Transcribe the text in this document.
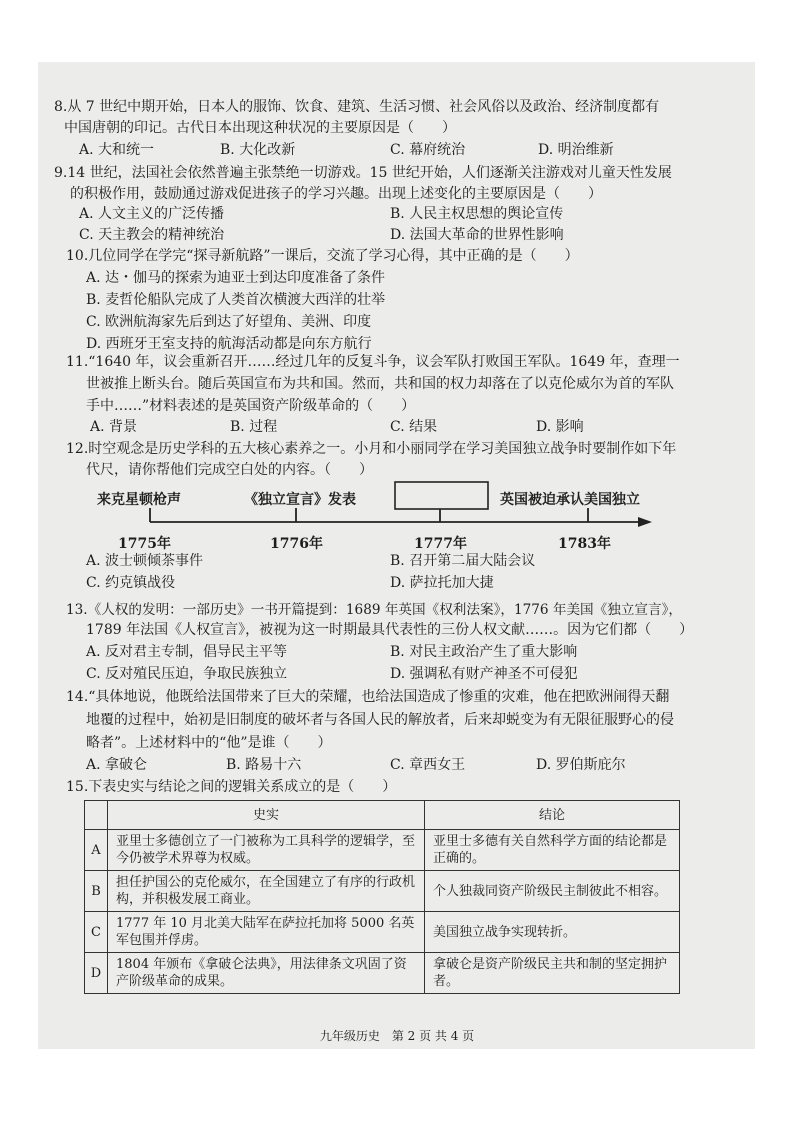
8.从 7 世纪中期开始，日本人的服饰、饮食、建筑、生活习惯、社会风俗以及政治、经济制度都有
中国唐朝的印记。古代日本出现这种状况的主要原因是（　　）
A. 大和统一	B. 大化改新	C. 幕府统治	D. 明治维新
9.14 世纪，法国社会依然普遍主张禁绝一切游戏。15 世纪开始，人们逐渐关注游戏对儿童天性发展
的积极作用，鼓励通过游戏促进孩子的学习兴趣。出现上述变化的主要原因是（　　）
A. 人文主义的广泛传播	B. 人民主权思想的舆论宣传
C. 天主教会的精神统治	D. 法国大革命的世界性影响
10.几位同学在学完“探寻新航路”一课后，交流了学习心得，其中正确的是（　　）
A. 达・伽马的探索为迪亚士到达印度准备了条件
B. 麦哲伦船队完成了人类首次横渡大西洋的壮举
C. 欧洲航海家先后到达了好望角、美洲、印度
D. 西班牙王室支持的航海活动都是向东方航行
11.“1640 年，议会重新召开……经过几年的反复斗争，议会军队打败国王军队。1649 年，查理一
世被推上断头台。随后英国宣布为共和国。然而，共和国的权力却落在了以克伦威尔为首的军队
手中……”材料表述的是英国资产阶级革命的（　　）
A. 背景	B. 过程	C. 结果	D. 影响
12.时空观念是历史学科的五大核心素养之一。小月和小丽同学在学习美国独立战争时要制作如下年
代尺，请你帮他们完成空白处的内容。（　　）
来克星顿枪声	《独立宣言》发表	英国被迫承认美国独立
1775年	1776年	1777年	1783年
A. 波士顿倾茶事件	B. 召开第二届大陆会议
C. 约克镇战役	D. 萨拉托加大捷
13.《人权的发明：一部历史》一书开篇提到：1689 年英国《权利法案》，1776 年美国《独立宣言》，
1789 年法国《人权宣言》，被视为这一时期最具代表性的三份人权文献……。因为它们都（　　）
A. 反对君主专制，倡导民主平等	B. 对民主政治产生了重大影响
C. 反对殖民压迫，争取民族独立	D. 强调私有财产神圣不可侵犯
14.“具体地说，他既给法国带来了巨大的荣耀，也给法国造成了惨重的灾难，他在把欧洲闹得天翻
地覆的过程中，始初是旧制度的破坏者与各国人民的解放者，后来却蜕变为有无限征服野心的侵
略者”。上述材料中的“他”是谁（　　）
A. 拿破仑	B. 路易十六	C. 章西女王	D. 罗伯斯庇尔
15.下表史实与结论之间的逻辑关系成立的是（　　）
	史实	结论
A	亚里士多德创立了一门被称为工具科学的逻辑学，至今仍被学术界尊为权威。	亚里士多德有关自然科学方面的结论都是正确的。
B	担任护国公的克伦威尔，在全国建立了有序的行政机构，并积极发展工商业。	个人独裁同资产阶级民主制彼此不相容。
C	1777 年 10 月北美大陆军在萨拉托加将 5000 名英军包围并俘虏。	美国独立战争实现转折。
D	1804 年颁布《拿破仑法典》，用法律条文巩固了资产阶级革命的成果。	拿破仑是资产阶级民主共和制的坚定拥护者。
九年级历史　第 2 页 共 4 页
